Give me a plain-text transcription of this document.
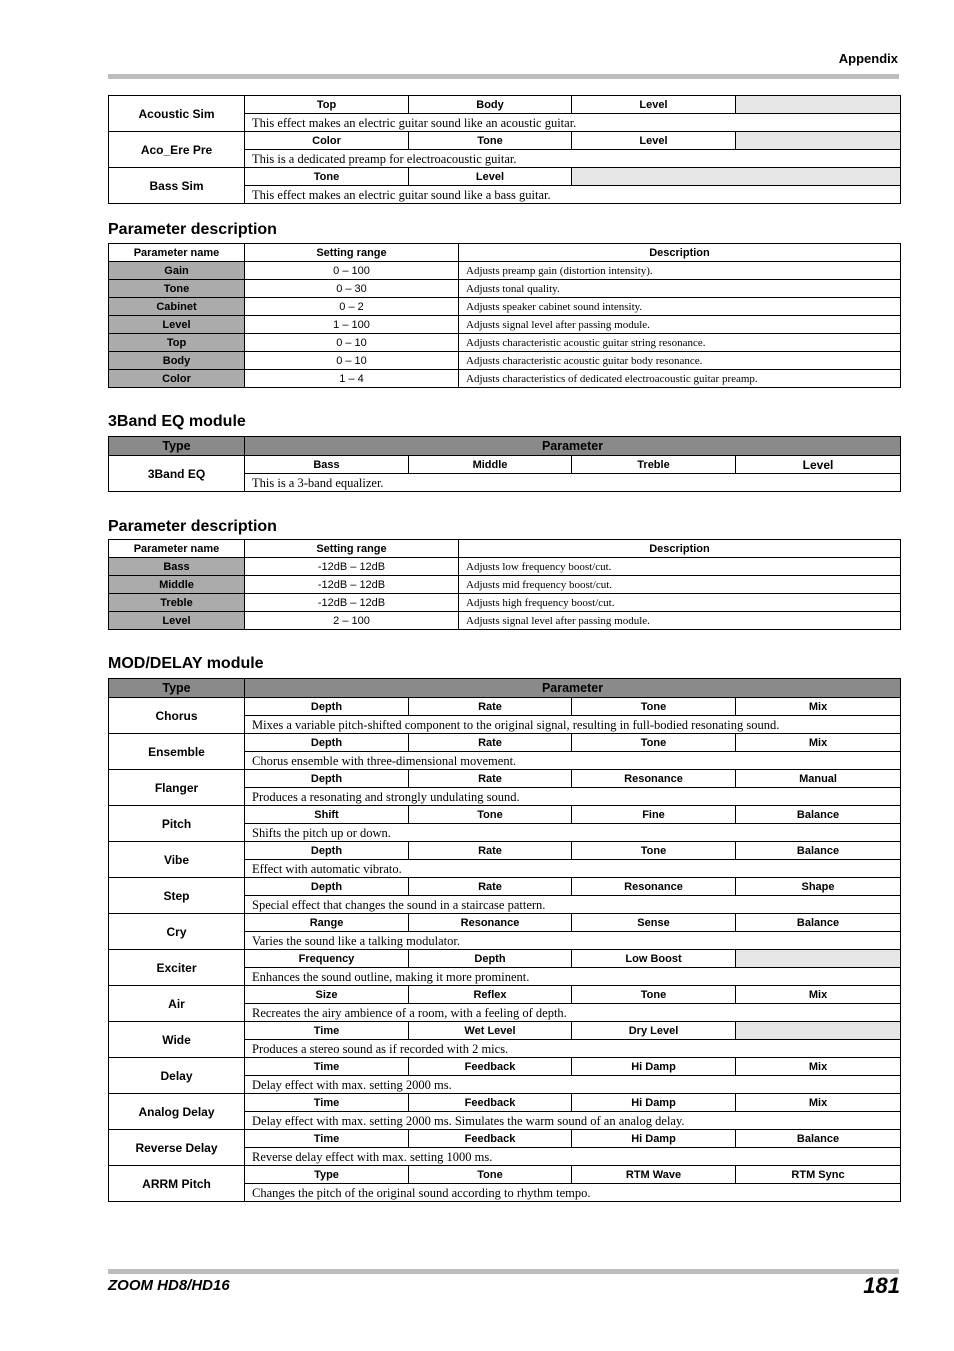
Appendix
Acoustic Sim	Top	Body	Level	
	This effect makes an electric guitar sound like an acoustic guitar.			
Aco_Ere Pre	Color	Tone	Level	
	This is a dedicated preamp for electroacoustic guitar.			
Bass Sim	Tone	Level		
	This effect makes an electric guitar sound like a bass guitar.			
Parameter description
Parameter name	Setting range	Description
Gain	0 – 100	Adjusts preamp gain (distortion intensity).
Tone	0 – 30	Adjusts tonal quality.
Cabinet	0 – 2	Adjusts speaker cabinet sound intensity.
Level	1 – 100	Adjusts signal level after passing module.
Top	0 – 10	Adjusts characteristic acoustic guitar string resonance.
Body	0 – 10	Adjusts characteristic acoustic guitar body resonance.
Color	1 – 4	Adjusts characteristics of dedicated electroacoustic guitar preamp.
3Band EQ module
Type	Parameter			
3Band EQ	Bass	Middle	Treble	Level
	This is a 3-band equalizer.			
Parameter description
Parameter name	Setting range	Description
Bass	-12dB – 12dB	Adjusts low frequency boost/cut.
Middle	-12dB – 12dB	Adjusts mid frequency boost/cut.
Treble	-12dB – 12dB	Adjusts high frequency boost/cut.
Level	2 – 100	Adjusts signal level after passing module.
MOD/DELAY module
Type	Parameter			
Chorus	Depth	Rate	Tone	Mix
	Mixes a variable pitch-shifted component to the original signal, resulting in full-bodied resonating sound.			
Ensemble	Depth	Rate	Tone	Mix
	Chorus ensemble with three-dimensional movement.			
Flanger	Depth	Rate	Resonance	Manual
	Produces a resonating and strongly undulating sound.			
Pitch	Shift	Tone	Fine	Balance
	Shifts the pitch up or down.			
Vibe	Depth	Rate	Tone	Balance
	Effect with automatic vibrato.			
Step	Depth	Rate	Resonance	Shape
	Special effect that changes the sound in a staircase pattern.			
Cry	Range	Resonance	Sense	Balance
	Varies the sound like a talking modulator.			
Exciter	Frequency	Depth	Low Boost	
	Enhances the sound outline, making it more prominent.			
Air	Size	Reflex	Tone	Mix
	Recreates the airy ambience of a room, with a feeling of depth.			
Wide	Time	Wet Level	Dry Level	
	Produces a stereo sound as if recorded with 2 mics.			
Delay	Time	Feedback	Hi Damp	Mix
	Delay effect with max. setting 2000 ms.			
Analog Delay	Time	Feedback	Hi Damp	Mix
	Delay effect with max. setting 2000 ms. Simulates the warm sound of an analog delay.			
Reverse Delay	Time	Feedback	Hi Damp	Balance
	Reverse delay effect with max. setting 1000 ms.			
ARRM Pitch	Type	Tone	RTM Wave	RTM Sync
	Changes the pitch of the original sound according to rhythm tempo.			
ZOOM HD8/HD16	181
